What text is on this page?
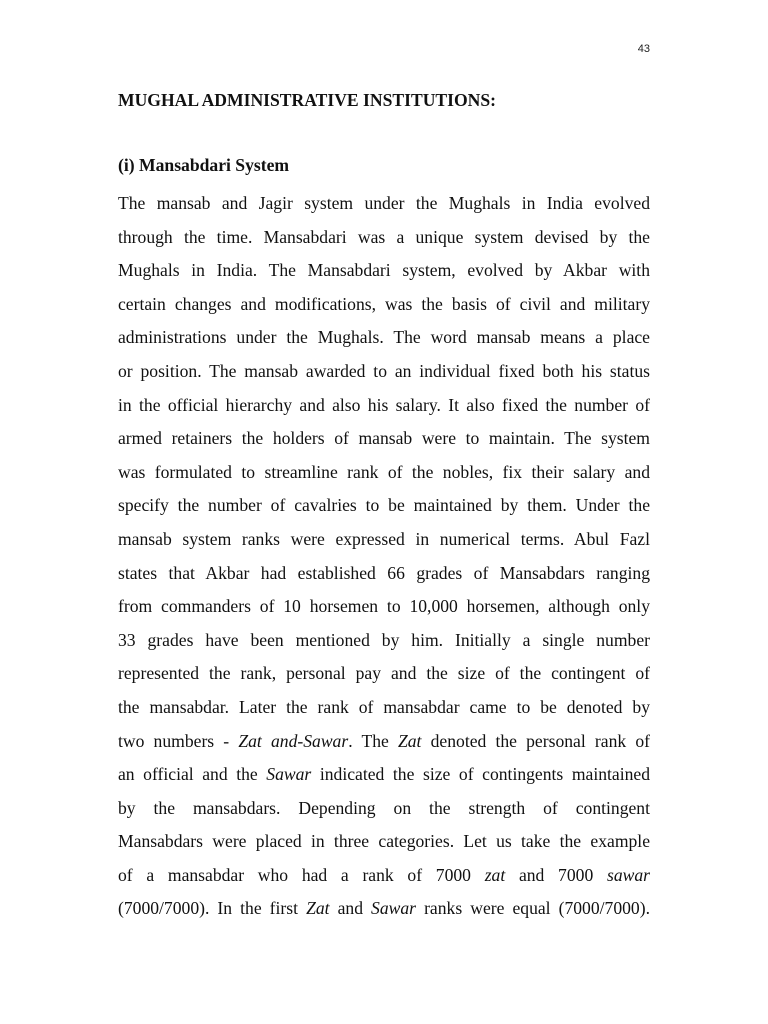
43
MUGHAL ADMINISTRATIVE INSTITUTIONS:
(i) Mansabdari System
The mansab and Jagir system under the Mughals in India evolved
through the time. Mansabdari was a unique system devised by the
Mughals in India. The Mansabdari system, evolved by Akbar with
certain changes and modifications, was the basis of civil and military
administrations under the Mughals. The word mansab means a place
or position. The mansab awarded to an individual fixed both his status
in the official hierarchy and also his salary. It also fixed the number of
armed retainers the holders of mansab were to maintain. The system
was formulated to streamline rank of the nobles, fix their salary and
specify the number of cavalries to be maintained by them. Under the
mansab system ranks were expressed in numerical terms. Abul Fazl
states that Akbar had established 66 grades of Mansabdars ranging
from commanders of 10 horsemen to 10,000 horsemen, although only
33 grades have been mentioned by him. Initially a single number
represented the rank, personal pay and the size of the contingent of
the mansabdar. Later the rank of mansabdar came to be denoted by
two numbers - Zat and-Sawar. The Zat denoted the personal rank of
an official and the Sawar indicated the size of contingents maintained
by the mansabdars. Depending on the strength of contingent
Mansabdars were placed in three categories. Let us take the example
of a mansabdar who had a rank of 7000 zat and 7000 sawar
(7000/7000). In the first Zat and Sawar ranks were equal (7000/7000).
